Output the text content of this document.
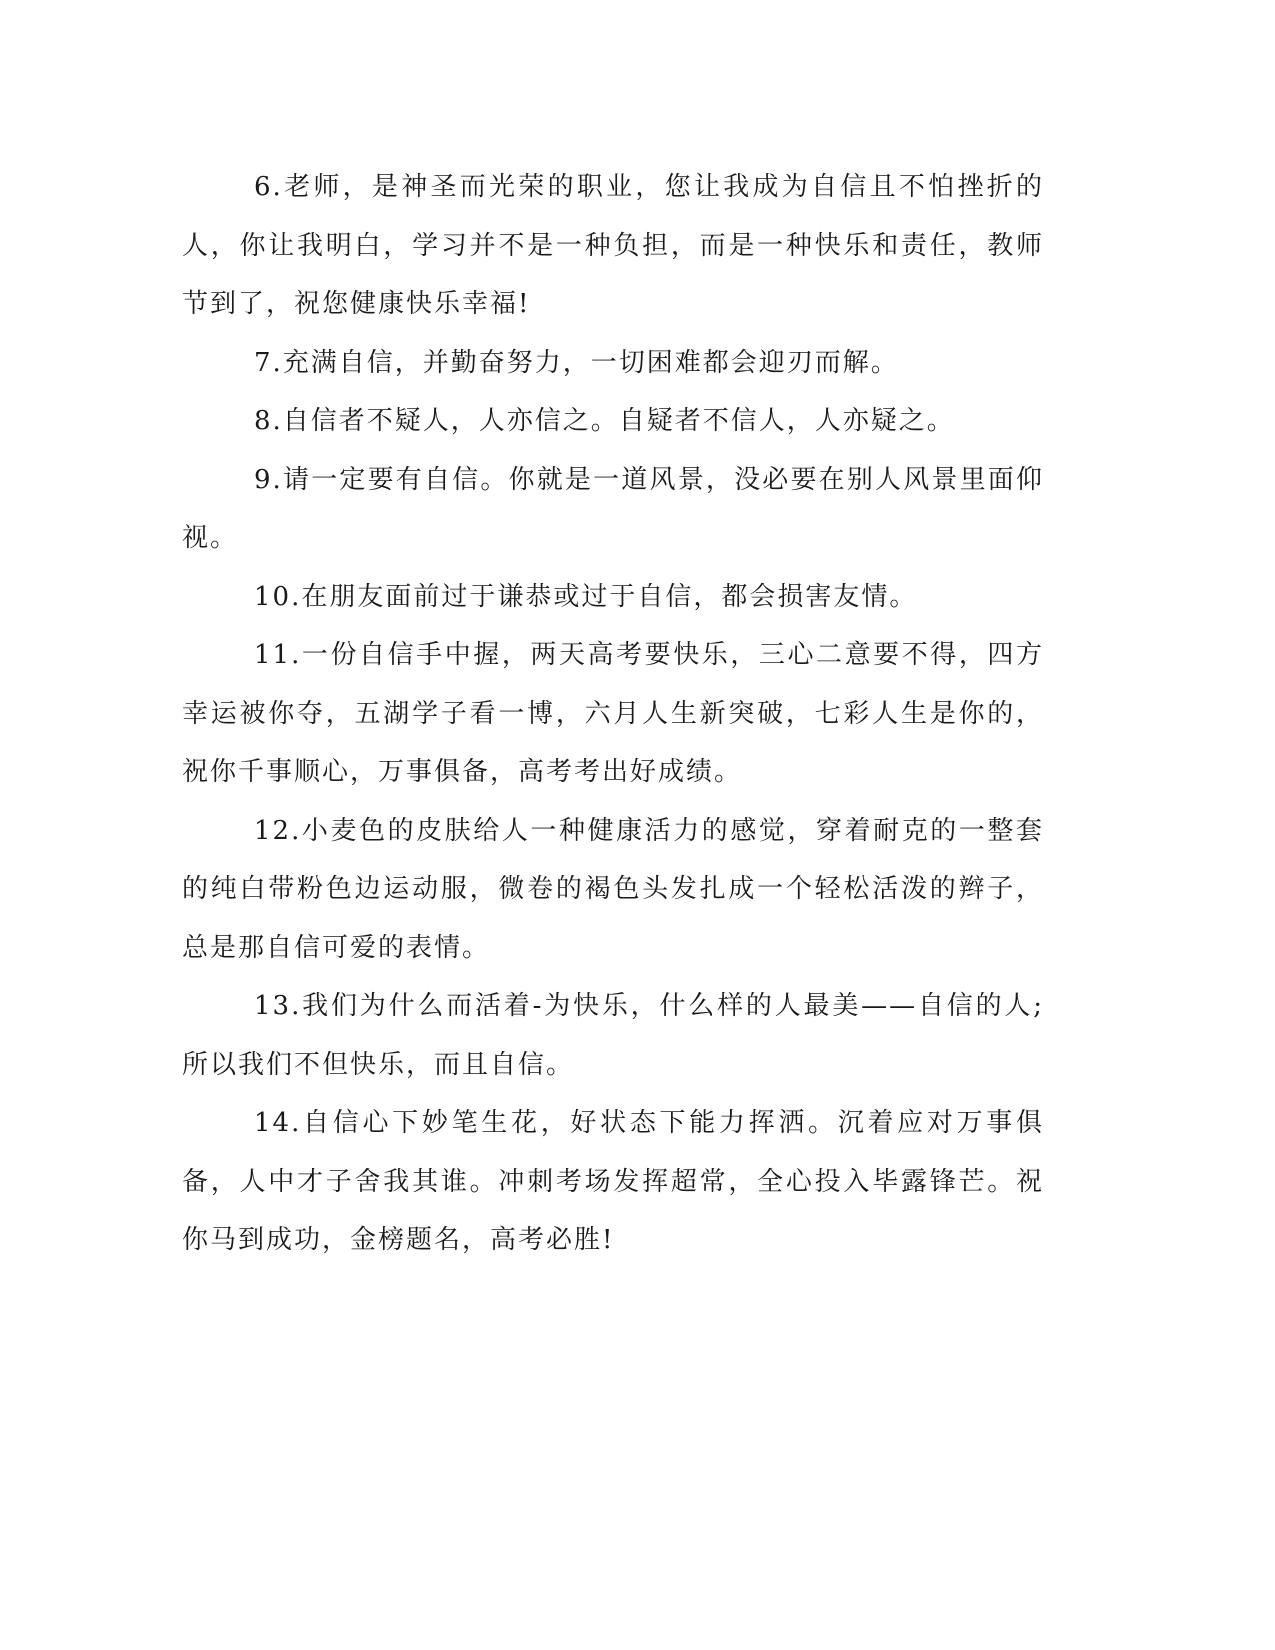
6.老师，是神圣而光荣的职业，您让我成为自信且不怕挫折的人，你让我明白，学习并不是一种负担，而是一种快乐和责任，教师节到了，祝您健康快乐幸福!

7.充满自信，并勤奋努力，一切困难都会迎刃而解。

8.自信者不疑人，人亦信之。自疑者不信人，人亦疑之。

9.请一定要有自信。你就是一道风景，没必要在别人风景里面仰视。

10.在朋友面前过于谦恭或过于自信，都会损害友情。

11.一份自信手中握，两天高考要快乐，三心二意要不得，四方幸运被你夺，五湖学子看一博，六月人生新突破，七彩人生是你的，祝你千事顺心，万事俱备，高考考出好成绩。

12.小麦色的皮肤给人一种健康活力的感觉，穿着耐克的一整套的纯白带粉色边运动服，微卷的褐色头发扎成一个轻松活泼的辫子，总是那自信可爱的表情。

13.我们为什么而活着-为快乐，什么样的人最美——自信的人;所以我们不但快乐，而且自信。

14.自信心下妙笔生花，好状态下能力挥洒。沉着应对万事俱备，人中才子舍我其谁。冲刺考场发挥超常，全心投入毕露锋芒。祝你马到成功，金榜题名，高考必胜!
